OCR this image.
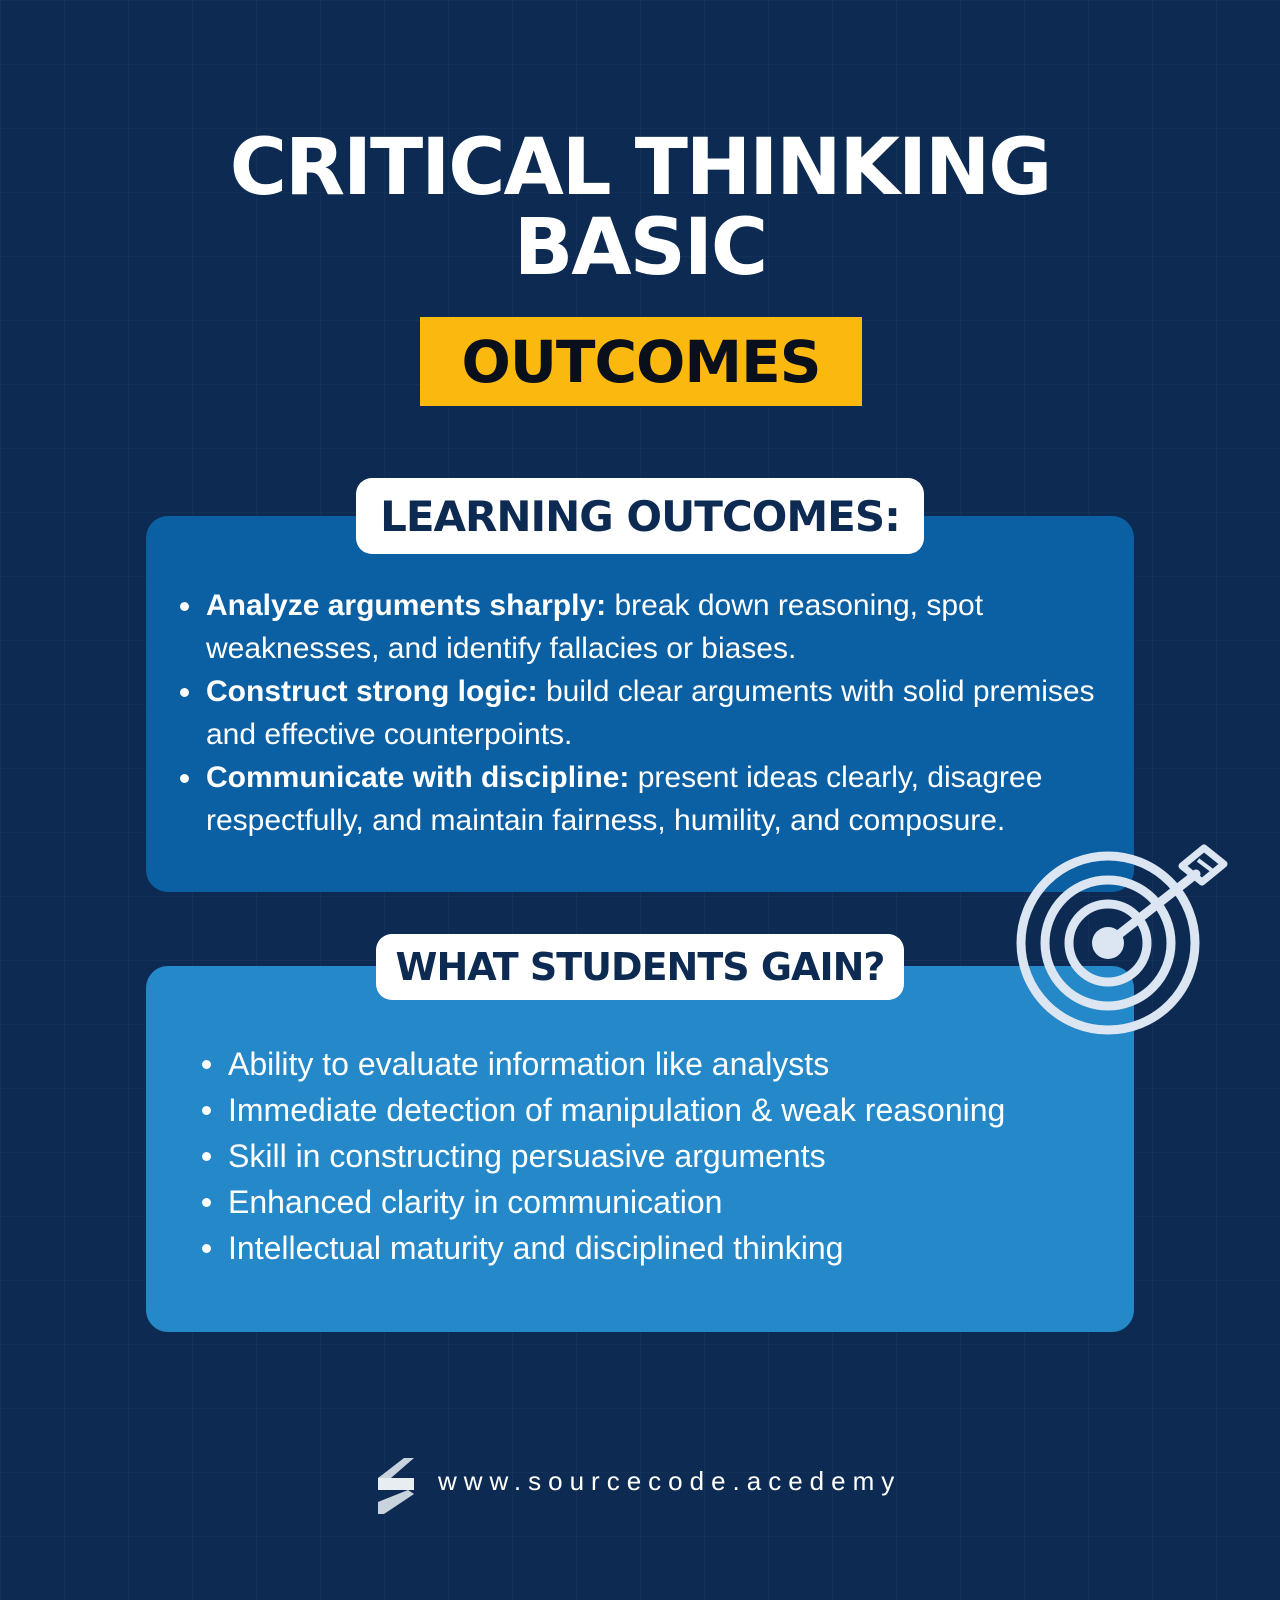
CRITICAL THINKING
BASIC
OUTCOMES
LEARNING OUTCOMES:
Analyze arguments sharply: break down reasoning, spot weaknesses, and identify fallacies or biases.
Construct strong logic: build clear arguments with solid premises and effective counterpoints.
Communicate with discipline: present ideas clearly, disagree respectfully, and maintain fairness, humility, and composure.
WHAT STUDENTS GAIN?
Ability to evaluate information like analysts
Immediate detection of manipulation & weak reasoning
Skill in constructing persuasive arguments
Enhanced clarity in communication
Intellectual maturity and disciplined thinking
www.sourcecode.acedemy
